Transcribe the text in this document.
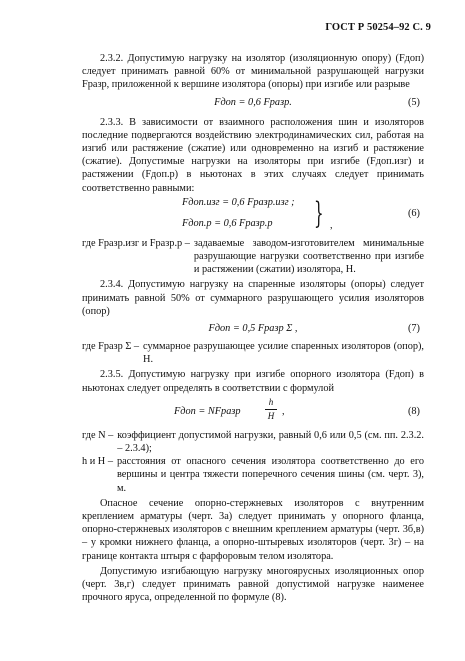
ГОСТ Р 50254–92 С. 9

2.3.2. Допустимую нагрузку на изолятор (изоляционную опору) (Fдоп) следует принимать равной 60% от минимальной разрушающей нагрузки Fразр, приложенной к вершине изолятора (опоры) при изгибе или разрыве

Fдоп = 0,6 Fразр.	(5)

2.3.3. В зависимости от взаимного расположения шин и изоляторов последние подвергаются воздействию электродинамических сил, работая на изгиб или растяжение (сжатие) или одновременно на изгиб и растяжение (сжатие). Допустимые нагрузки на изоляторы при изгибе (Fдоп.изг) и растяжении (Fдоп.р) в ньютонах в этих случаях следует принимать соответственно равными:

Fдоп.изг = 0,6 Fразр.изг ;
Fдоп.р = 0,6 Fразр.р } ,
(6)
где Fразр.изг и Fразр.р – задаваемые заводом-изготовителем минимальные разрушающие нагрузки соответственно при изгибе и растяжении (сжатии) изолятора, Н.

2.3.4. Допустимую нагрузку на спаренные изоляторы (опоры) следует принимать равной 50% от суммарного разрушающего усилия изоляторов (опор)

Fдоп = 0,5 Fразр Σ ,	(7)
где Fразр Σ – суммарное разрушающее усилие спаренных изоляторов (опор), Н.

2.3.5. Допустимую нагрузку при изгибе опорного изолятора (Fдоп) в ньютонах следует определять в соответствии с формулой

Fдоп = NFразр
h
H ,	(8)
где N – коэффициент допустимой нагрузки, равный 0,6 или 0,5 (см. пп. 2.3.2. – 2.3.4);
h и H – расстояния от опасного сечения изолятора соответственно до его вершины и центра тяжести поперечного сечения шины (см. черт. 3), м.

Опасное сечение опорно-стержневых изоляторов с внутренним креплением арматуры (черт. 3а) следует принимать у опорного фланца, опорно-стержневых изоляторов с внешним креплением арматуры (черт. 3б,в) – у кромки нижнего фланца, а опорно-штыревых изоляторов (черт. 3г) – на границе контакта штыря с фарфоровым телом изолятора.

Допустимую изгибающую нагрузку многоярусных изоляционных опор (черт. 3в,г) следует принимать равной допустимой нагрузке наименее прочного яруса, определенной по формуле (8).
